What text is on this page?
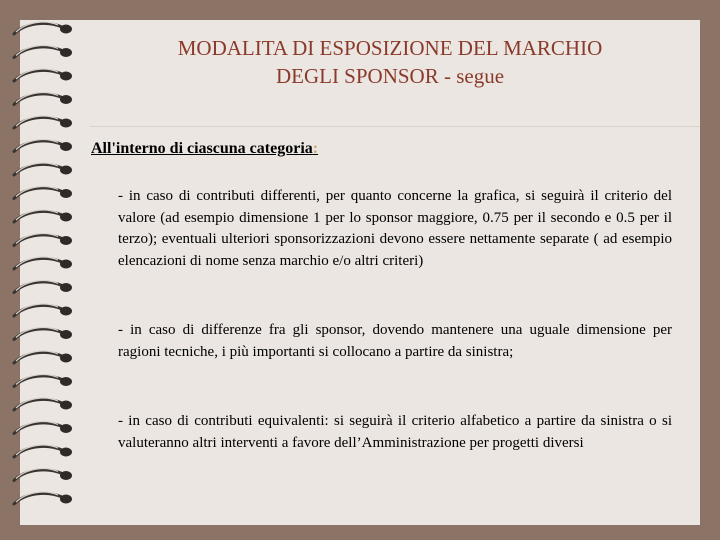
MODALITA DI ESPOSIZIONE DEL MARCHIO
DEGLI SPONSOR - segue
All'interno di ciascuna categoria:
- in caso di contributi differenti, per quanto concerne la grafica, si seguirà il criterio del valore (ad esempio dimensione 1 per lo sponsor maggiore, 0.75 per il secondo e 0.5 per il terzo); eventuali ulteriori sponsorizzazioni devono essere nettamente separate ( ad esempio elencazioni di nome senza marchio e/o altri criteri)
- in caso di differenze fra gli sponsor, dovendo mantenere una uguale dimensione per ragioni tecniche, i più importanti si collocano a partire da sinistra;
- in caso di contributi equivalenti: si seguirà il criterio alfabetico a partire da sinistra o si valuteranno altri interventi a favore dell’Amministrazione per progetti diversi
